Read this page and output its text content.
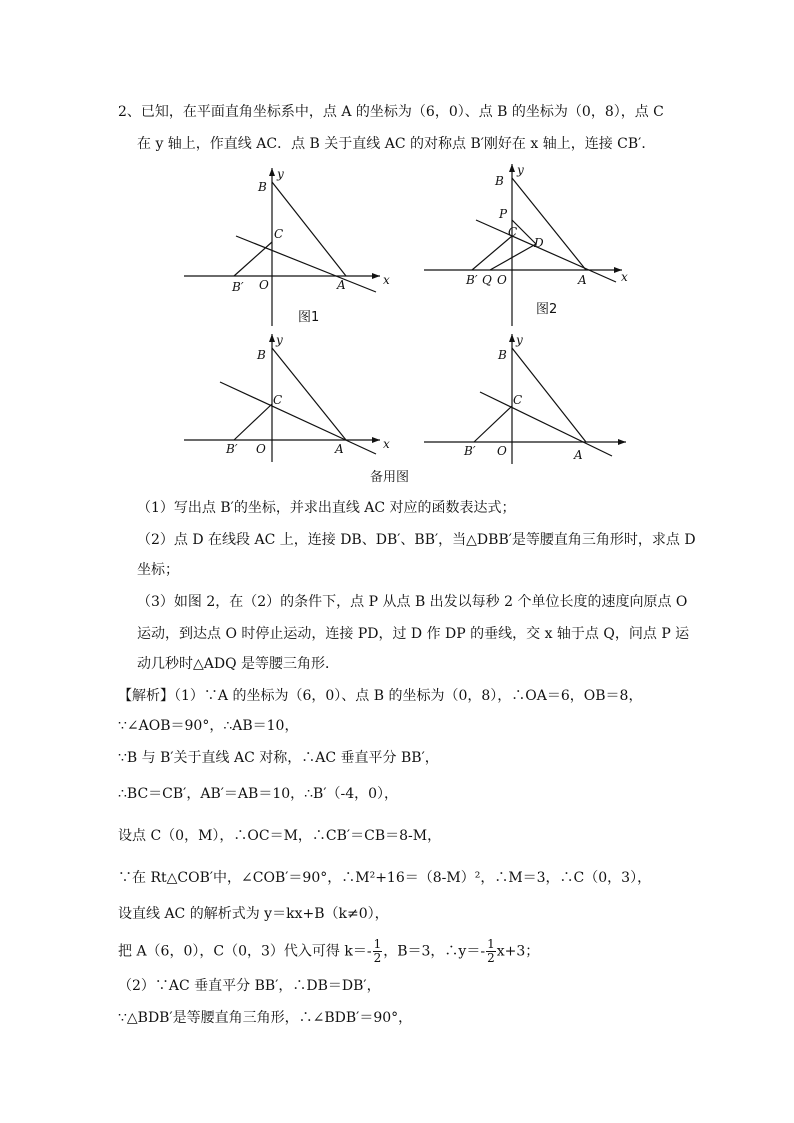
2、已知，在平面直角坐标系中，点 A 的坐标为（6，0）、点 B 的坐标为（0，8），点 C
在 y 轴上，作直线 AC．点 B 关于直线 AC 的对称点 B′刚好在 x 轴上，连接 CB′．
x
y
B
C
O
B′	A
图1
x
y
B
P
C
D
B′ Q O	A
图2
x
y
B
C
O
B′	A
y
B
C
O
B′	A
备用图
（1）写出点 B′的坐标，并求出直线 AC 对应的函数表达式；
（2）点 D 在线段 AC 上，连接 DB、DB′、BB′，当△DBB′是等腰直角三角形时，求点 D
坐标；
（3）如图 2，在（2）的条件下，点 P 从点 B 出发以每秒 2 个单位长度的速度向原点 O
运动，到达点 O 时停止运动，连接 PD，过 D 作 DP 的垂线，交 x 轴于点 Q，问点 P 运
动几秒时△ADQ 是等腰三角形．
【解析】（1）∵A 的坐标为（6，0）、点 B 的坐标为（0，8），∴OA＝6，OB＝8，
∵∠AOB＝90°，∴AB＝10，
∵B 与 B′关于直线 AC 对称，∴AC 垂直平分 BB′，
∴BC＝CB′，AB′＝AB＝10，∴B′（-4，0），
设点 C（0，M），∴OC＝M，∴CB′＝CB＝8-M，
∵在 Rt△COB′中，∠COB′＝90°，∴M²+16＝（8-M）²，∴M＝3，∴C（0，3），
设直线 AC 的解析式为 y＝kx+B（k≠0），
把 A（6，0），C（0，3）代入可得 $k=- \frac{1}{2}$ ，B＝3，∴y＝- $\frac{1}{2} x+3$；
（2）∵AC 垂直平分 BB′，∴DB＝DB′，
∵△BDB′是等腰直角三角形，∴∠BDB′＝90°，
